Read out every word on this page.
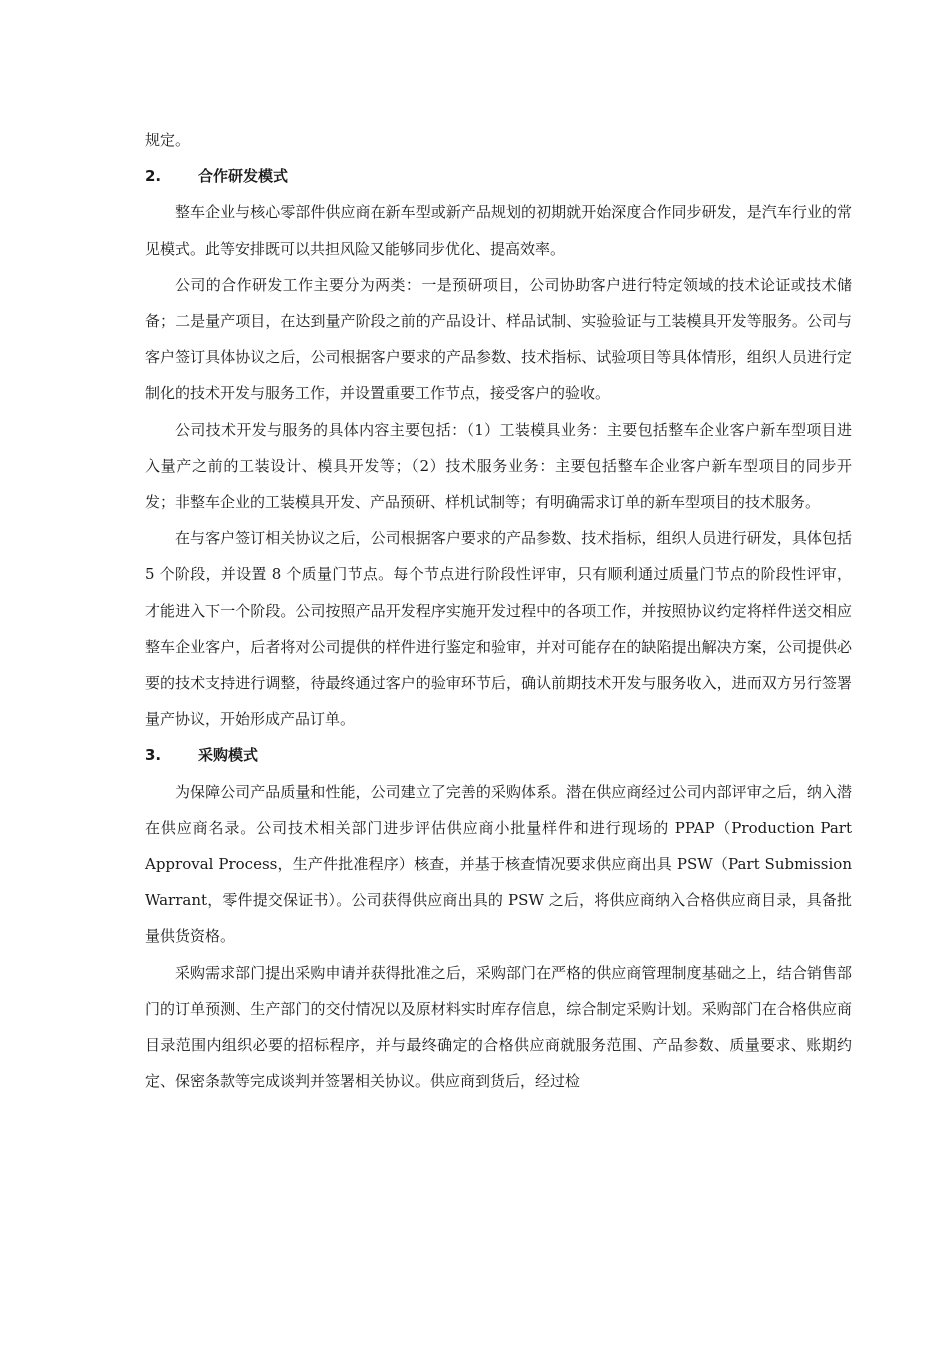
规定。

2. 合作研发模式

整车企业与核心零部件供应商在新车型或新产品规划的初期就开始深度合作同步研发，是汽车行业的常见模式。此等安排既可以共担风险又能够同步优化、提高效率。

公司的合作研发工作主要分为两类：一是预研项目，公司协助客户进行特定领域的技术论证或技术储备；二是量产项目，在达到量产阶段之前的产品设计、样品试制、实验验证与工装模具开发等服务。公司与客户签订具体协议之后，公司根据客户要求的产品参数、技术指标、试验项目等具体情形，组织人员进行定制化的技术开发与服务工作，并设置重要工作节点，接受客户的验收。

公司技术开发与服务的具体内容主要包括：（1）工装模具业务：主要包括整车企业客户新车型项目进入量产之前的工装设计、模具开发等；（2）技术服务业务：主要包括整车企业客户新车型项目的同步开发；非整车企业的工装模具开发、产品预研、样机试制等；有明确需求订单的新车型项目的技术服务。

在与客户签订相关协议之后，公司根据客户要求的产品参数、技术指标，组织人员进行研发，具体包括 5 个阶段，并设置 8 个质量门节点。每个节点进行阶段性评审，只有顺利通过质量门节点的阶段性评审，才能进入下一个阶段。公司按照产品开发程序实施开发过程中的各项工作，并按照协议约定将样件送交相应整车企业客户，后者将对公司提供的样件进行鉴定和验审，并对可能存在的缺陷提出解决方案，公司提供必要的技术支持进行调整，待最终通过客户的验审环节后，确认前期技术开发与服务收入，进而双方另行签署量产协议，开始形成产品订单。

3. 采购模式

为保障公司产品质量和性能，公司建立了完善的采购体系。潜在供应商经过公司内部评审之后，纳入潜在供应商名录。公司技术相关部门进步评估供应商小批量样件和进行现场的 PPAP（Production Part Approval Process，生产件批准程序）核查，并基于核查情况要求供应商出具 PSW（Part Submission Warrant，零件提交保证书）。公司获得供应商出具的 PSW 之后，将供应商纳入合格供应商目录，具备批量供货资格。

采购需求部门提出采购申请并获得批准之后，采购部门在严格的供应商管理制度基础之上，结合销售部门的订单预测、生产部门的交付情况以及原材料实时库存信息，综合制定采购计划。采购部门在合格供应商目录范围内组织必要的招标程序，并与最终确定的合格供应商就服务范围、产品参数、质量要求、账期约定、保密条款等完成谈判并签署相关协议。供应商到货后，经过检
